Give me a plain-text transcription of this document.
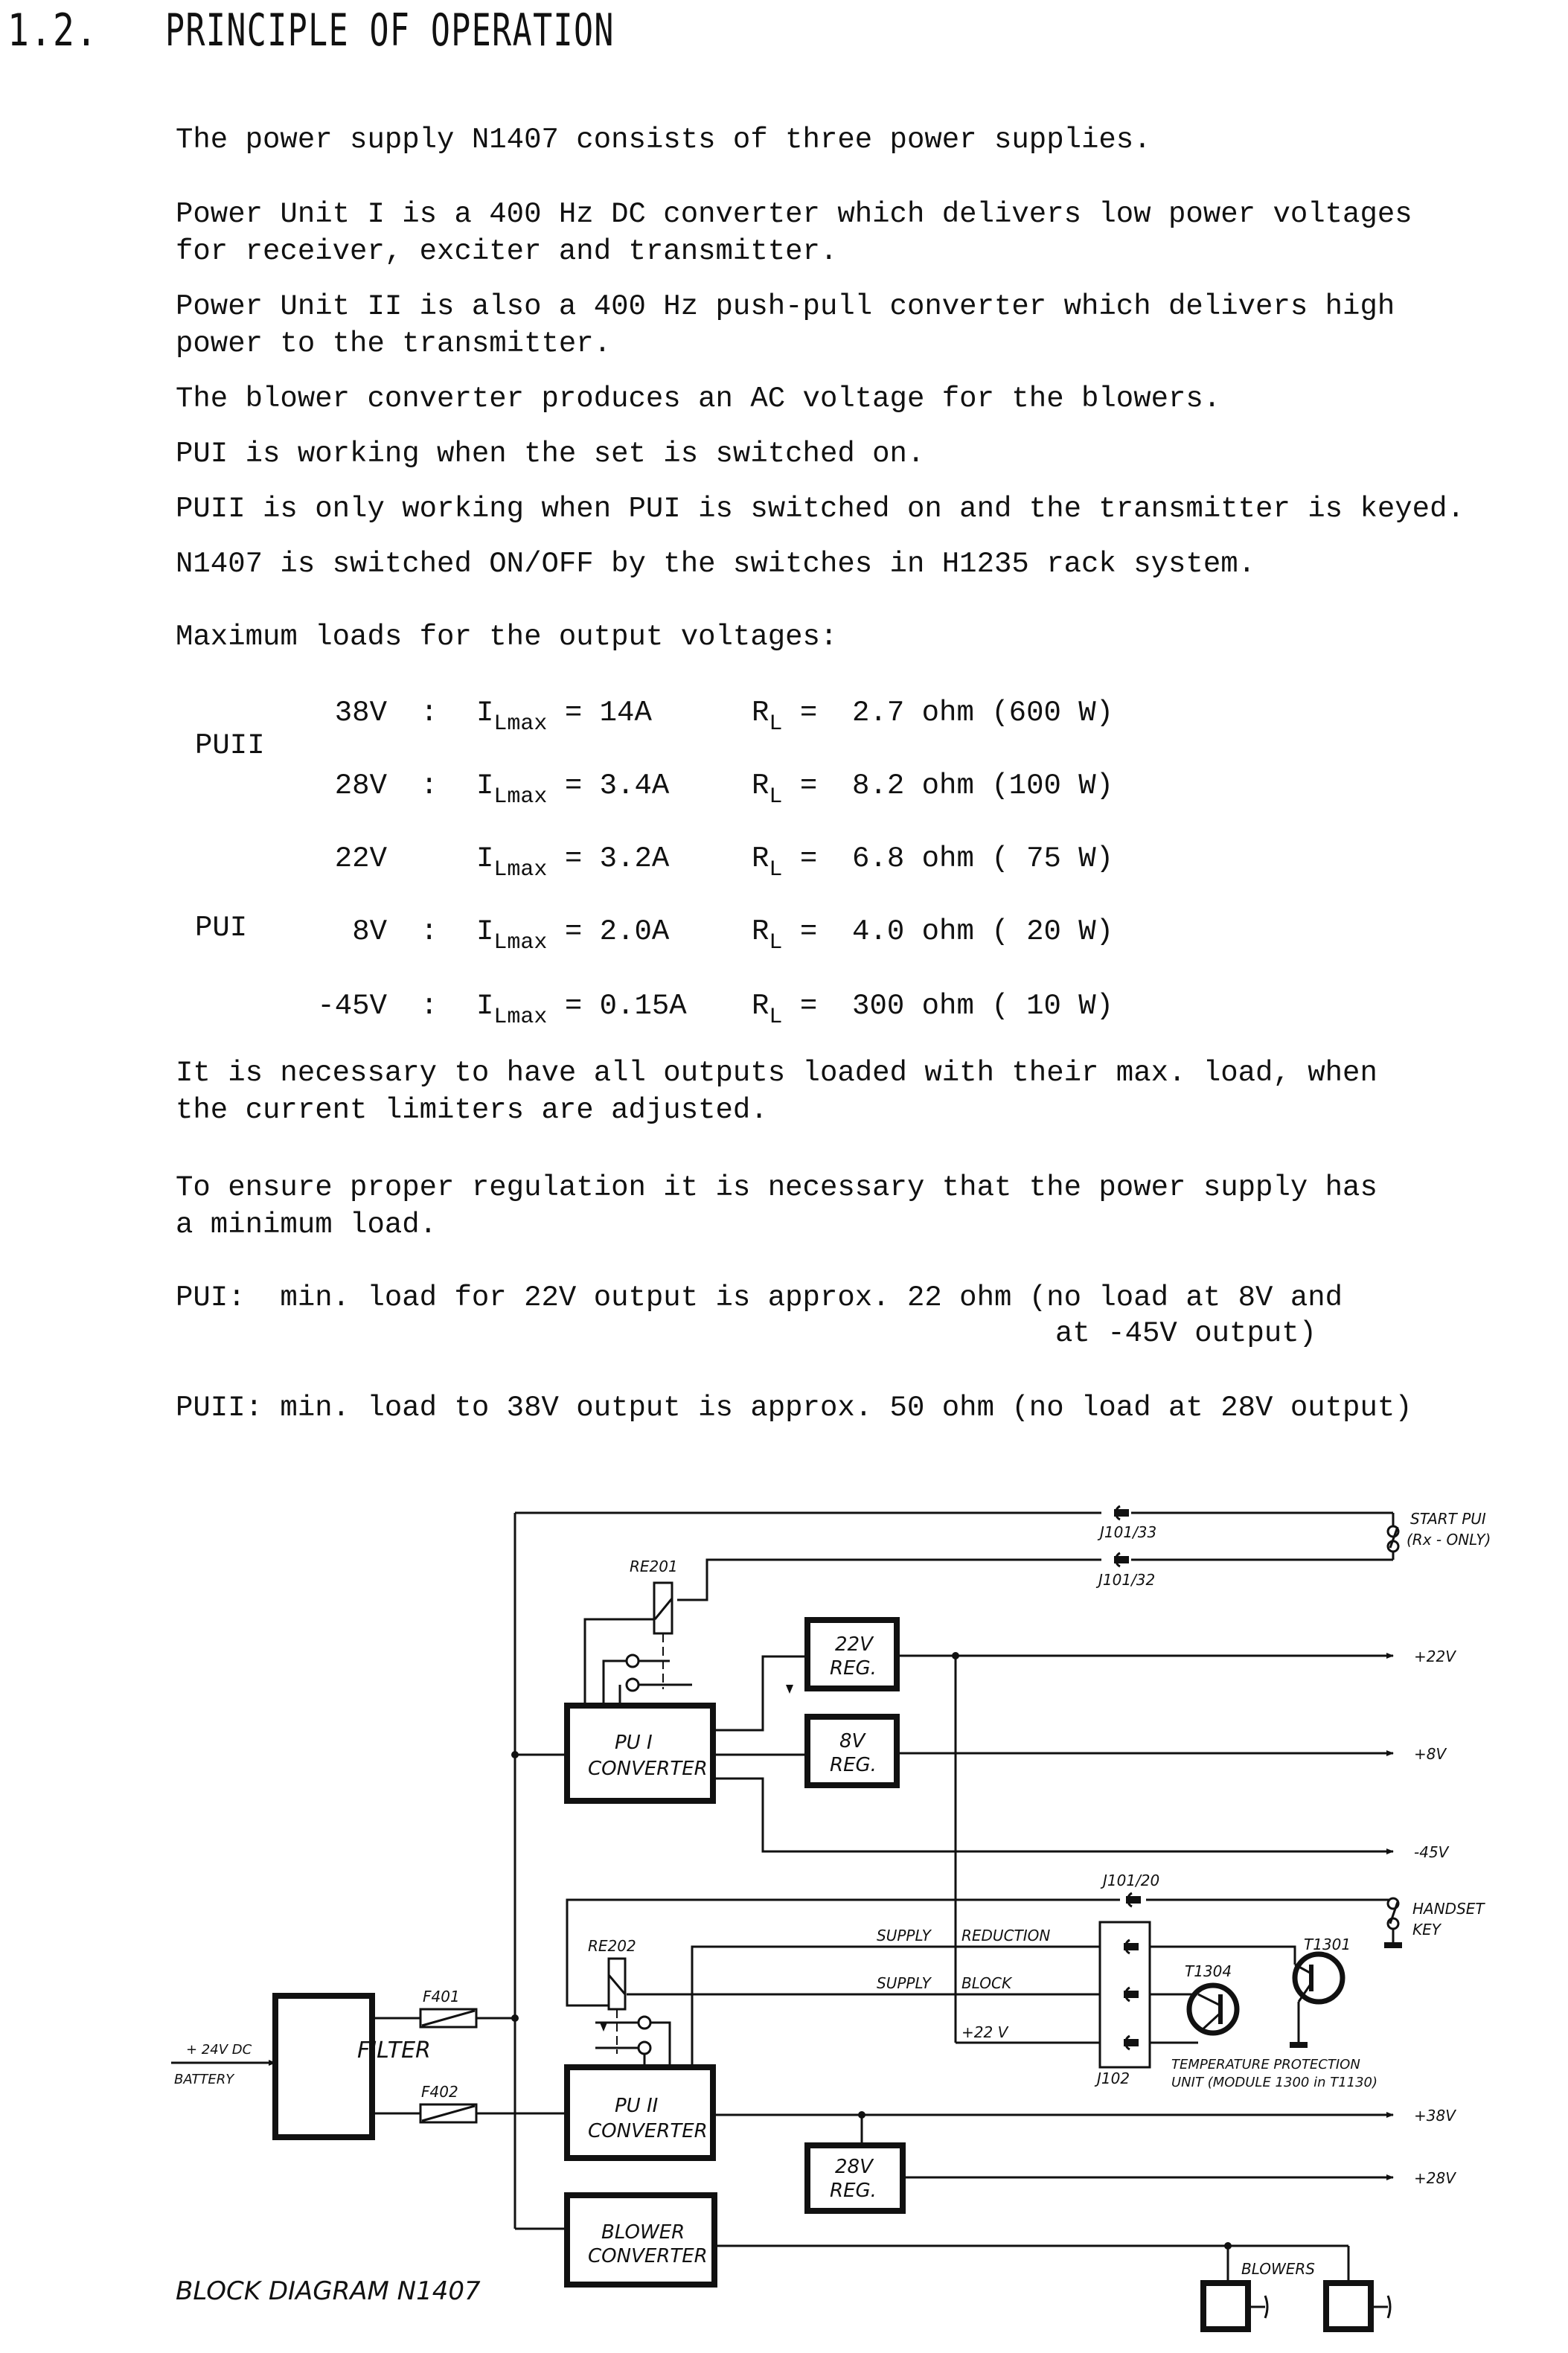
1.2. PRINCIPLE OF OPERATION
The power supply N1407 consists of three power supplies.
Power Unit I is a 400 Hz DC converter which delivers low power voltages
for receiver, exciter and transmitter.
Power Unit II is also a 400 Hz push-pull converter which delivers high
power to the transmitter.
The blower converter produces an AC voltage for the blowers.
PUI is working when the set is switched on.
PUII is only working when PUI is switched on and the transmitter is keyed.
N1407 is switched ON/OFF by the switches in H1235 rack system.
Maximum loads for the output voltages:
PUII
PUI
38V : $I_{Lmax} = 14A$	$R_L = 2.7$ ohm (600 W)
28V : $I_{Lmax} = 3.4A$	$R_L = 8.2$ ohm (100 W)
22V	$I_{Lmax} = 3.2A$	$R_L = 6.8$ ohm ( 75 W)
8V : $I_{Lmax} = 2.0A$	$R_L = 4.0$ ohm ( 20 W)
-45V : $I_{Lmax} = 0.15A$ $R_L = 300$ ohm ( 10 W)
It is necessary to have all outputs loaded with their max. load, when
the current limiters are adjusted.
To ensure proper regulation it is necessary that the power supply has
a minimum load.
PUI:  min. load for 22V output is approx. 22 ohm (no load at 8V and
at -45V output)
PUII: min. load to 38V output is approx. 50 ohm (no load at 28V output)
FILTER
PU I
CONVERTER
22V
REG.
8V
REG.
PU II
CONVERTER
28V
REG.
BLOWER
CONVERTER
RE201
RE202
J101/33
J101/32
J101/20
J102
START PUI
(Rx - ONLY)
HANDSET
KEY
SUPPLY REDUCTION
SUPPLY BLOCK
+22 V
T1304
T1301
TEMPERATURE PROTECTION
UNIT (MODULE 1300 in T1130)
F401
F402
+ 24V DC
BATTERY
BLOWERS
+22V
+8V
-45V
+38V
+28V
BLOCK DIAGRAM N1407
